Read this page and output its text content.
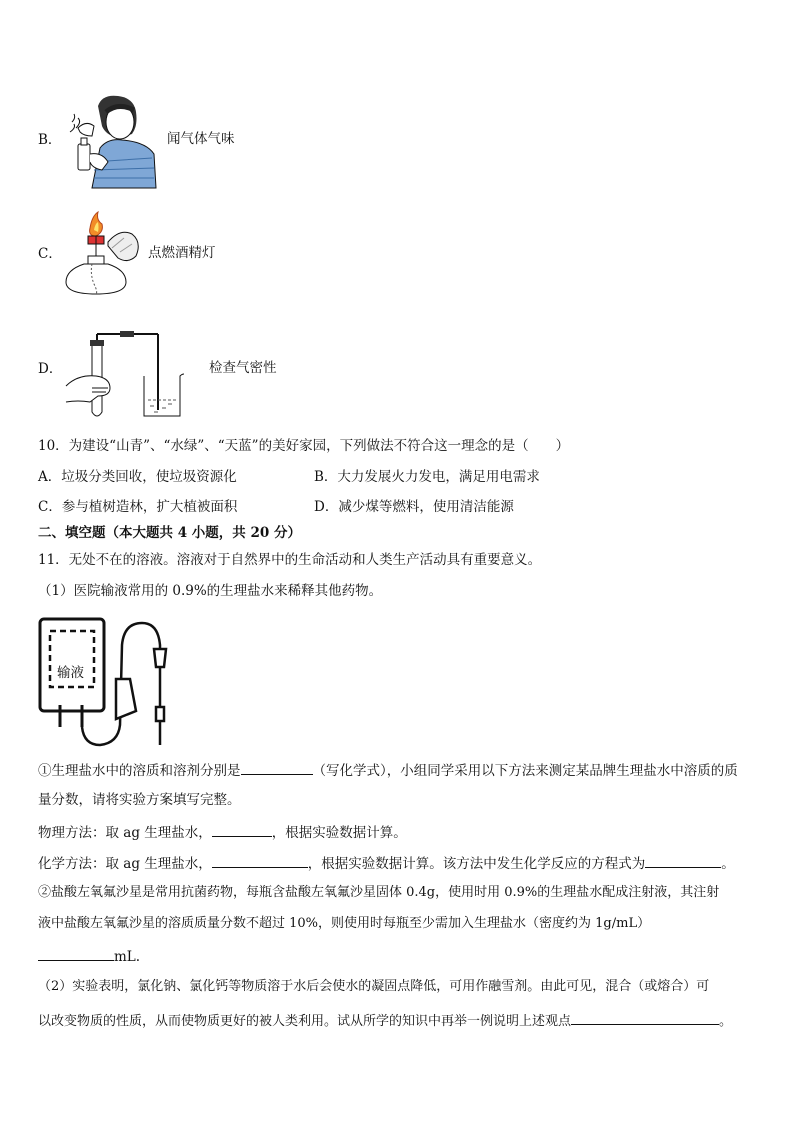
B．	闻气体气味
C．	点燃酒精灯
D．	检查气密性
10．为建设“山青”、“水绿”、“天蓝”的美好家园，下列做法不符合这一理念的是（　　）
A．垃圾分类回收，使垃圾资源化	B．大力发展火力发电，满足用电需求
C．参与植树造林，扩大植被面积	D．减少煤等燃料，使用清洁能源
二、填空题（本大题共 4 小题，共 20 分）
11．无处不在的溶液。溶液对于自然界中的生命活动和人类生产活动具有重要意义。
（1）医院输液常用的 0.9%的生理盐水来稀释其他药物。
输液
①生理盐水中的溶质和溶剂分别是	（写化学式），小组同学采用以下方法来测定某品牌生理盐水中溶质的质
量分数，请将实验方案填写完整。
物理方法：取 ag 生理盐水，	，根据实验数据计算。
化学方法：取 ag 生理盐水，	，根据实验数据计算。该方法中发生化学反应的方程式为	。
②盐酸左氧氟沙星是常用抗菌药物，每瓶含盐酸左氧氟沙星固体 0.4g，使用时用 0.9%的生理盐水配成注射液，其注射
液中盐酸左氧氟沙星的溶质质量分数不超过 10%，则使用时每瓶至少需加入生理盐水（密度约为 1g/mL）
mL.
（2）实验表明，氯化钠、氯化钙等物质溶于水后会使水的凝固点降低，可用作融雪剂。由此可见，混合（或熔合）可
以改变物质的性质，从而使物质更好的被人类利用。试从所学的知识中再举一例说明上述观点	。
